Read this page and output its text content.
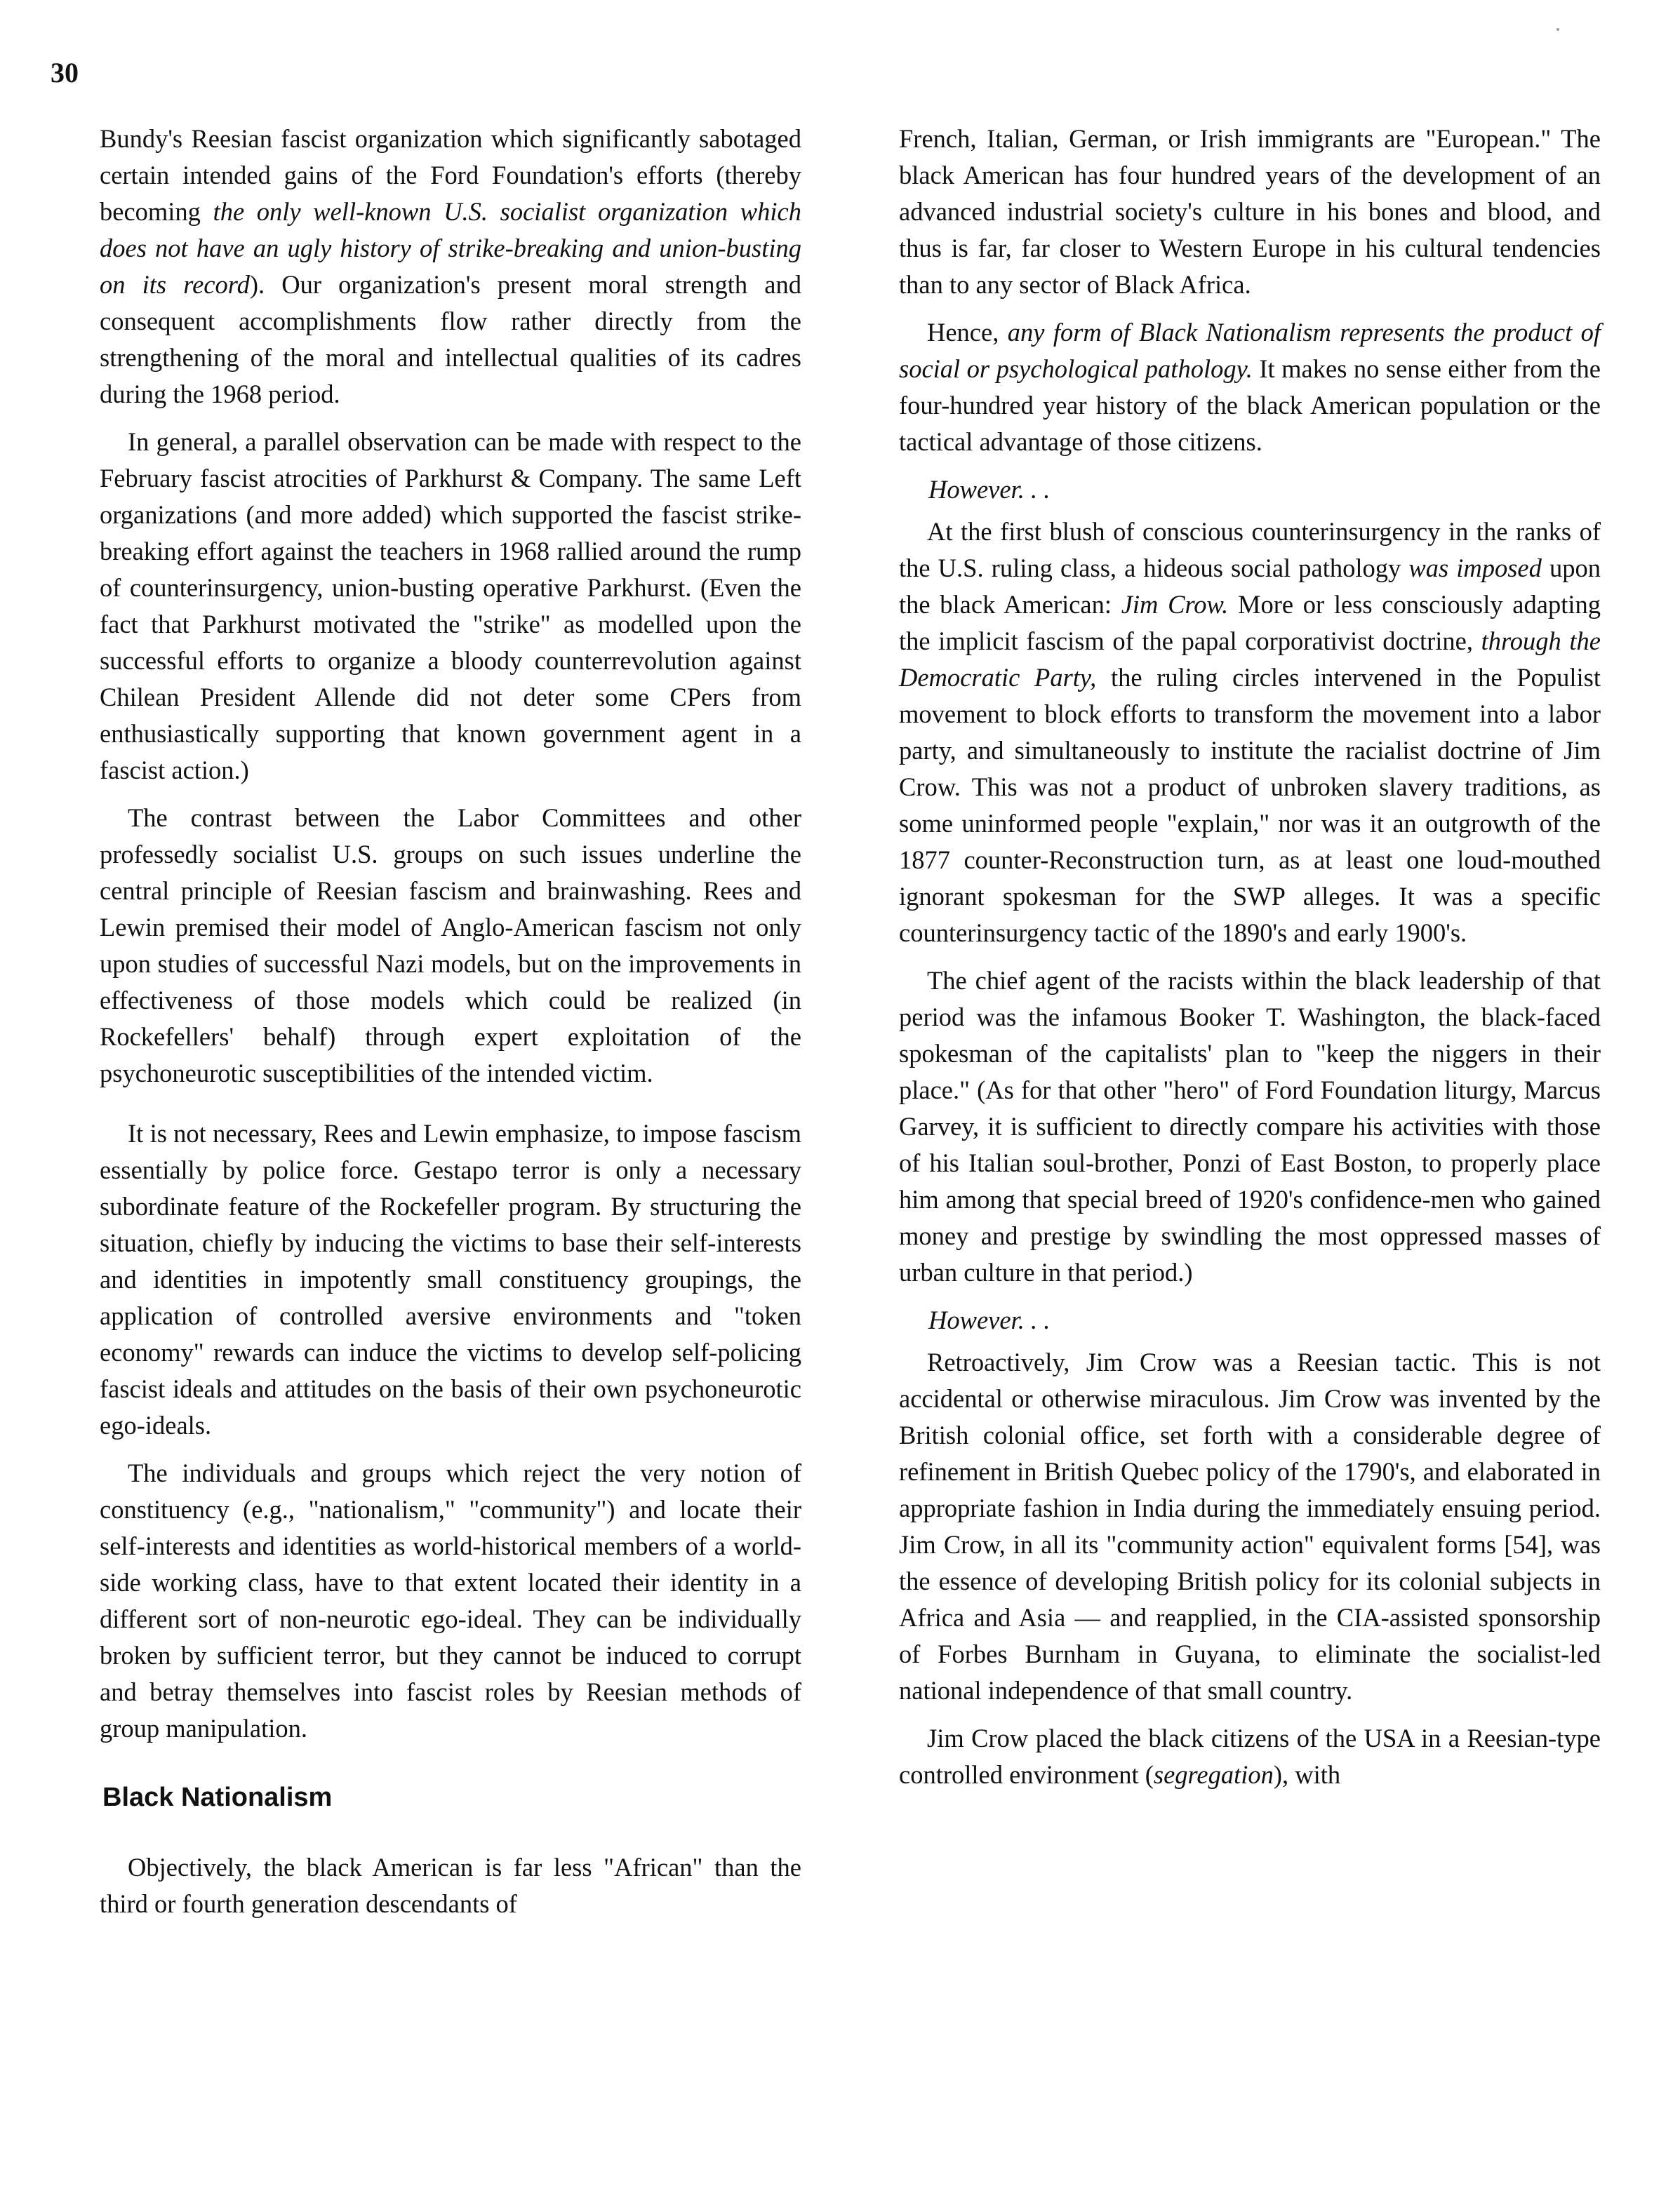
30

Bundy's Reesian fascist organization which significantly sabotaged certain intended gains of the Ford Foundation's efforts (thereby becoming the only well-known U.S. socialist organization which does not have an ugly history of strike-breaking and union-busting on its record). Our organization's present moral strength and consequent accomplishments flow rather directly from the strengthening of the moral and intellectual qualities of its cadres during the 1968 period.

In general, a parallel observation can be made with respect to the February fascist atrocities of Parkhurst & Company. The same Left organizations (and more added) which supported the fascist strike-breaking effort against the teachers in 1968 rallied around the rump of counterinsurgency, union-busting operative Parkhurst. (Even the fact that Parkhurst motivated the "strike" as modelled upon the successful efforts to organize a bloody counterrevolution against Chilean President Allende did not deter some CPers from enthusiastically supporting that known government agent in a fascist action.)

The contrast between the Labor Committees and other professedly socialist U.S. groups on such issues underline the central principle of Reesian fascism and brainwashing. Rees and Lewin premised their model of Anglo-American fascism not only upon studies of successful Nazi models, but on the improvements in effectiveness of those models which could be realized (in Rockefellers' behalf) through expert exploitation of the psychoneurotic susceptibilities of the intended victim.

It is not necessary, Rees and Lewin emphasize, to impose fascism essentially by police force. Gestapo terror is only a necessary subordinate feature of the Rockefeller program. By structuring the situation, chiefly by inducing the victims to base their self-interests and identities in impotently small constituency groupings, the application of controlled aversive environments and "token economy" rewards can induce the victims to develop self-policing fascist ideals and attitudes on the basis of their own psychoneurotic ego-ideals.

The individuals and groups which reject the very notion of constituency (e.g., "nationalism," "community") and locate their self-interests and identities as world-historical members of a world-side working class, have to that extent located their identity in a different sort of non-neurotic ego-ideal. They can be individually broken by sufficient terror, but they cannot be induced to corrupt and betray themselves into fascist roles by Reesian methods of group manipulation.

Black Nationalism

Objectively, the black American is far less "African" than the third or fourth generation descendants of

French, Italian, German, or Irish immigrants are "European." The black American has four hundred years of the development of an advanced industrial society's culture in his bones and blood, and thus is far, far closer to Western Europe in his cultural tendencies than to any sector of Black Africa.

Hence, any form of Black Nationalism represents the product of social or psychological pathology. It makes no sense either from the four-hundred year history of the black American population or the tactical advantage of those citizens.

However. . .

At the first blush of conscious counterinsurgency in the ranks of the U.S. ruling class, a hideous social pathology was imposed upon the black American: Jim Crow. More or less consciously adapting the implicit fascism of the papal corporativist doctrine, through the Democratic Party, the ruling circles intervened in the Populist movement to block efforts to transform the movement into a labor party, and simultaneously to institute the racialist doctrine of Jim Crow. This was not a product of unbroken slavery traditions, as some uninformed people "explain," nor was it an outgrowth of the 1877 counter-Reconstruction turn, as at least one loud-mouthed ignorant spokesman for the SWP alleges. It was a specific counterinsurgency tactic of the 1890's and early 1900's.

The chief agent of the racists within the black leadership of that period was the infamous Booker T. Washington, the black-faced spokesman of the capitalists' plan to "keep the niggers in their place." (As for that other "hero" of Ford Foundation liturgy, Marcus Garvey, it is sufficient to directly compare his activities with those of his Italian soul-brother, Ponzi of East Boston, to properly place him among that special breed of 1920's confidence-men who gained money and prestige by swindling the most oppressed masses of urban culture in that period.)

However. . .

Retroactively, Jim Crow was a Reesian tactic. This is not accidental or otherwise miraculous. Jim Crow was invented by the British colonial office, set forth with a considerable degree of refinement in British Quebec policy of the 1790's, and elaborated in appropriate fashion in India during the immediately ensuing period. Jim Crow, in all its "community action" equivalent forms [54], was the essence of developing British policy for its colonial subjects in Africa and Asia — and reapplied, in the CIA-assisted sponsorship of Forbes Burnham in Guyana, to eliminate the socialist-led national independence of that small country.

Jim Crow placed the black citizens of the USA in a Reesian-type controlled environment (segregation), with
